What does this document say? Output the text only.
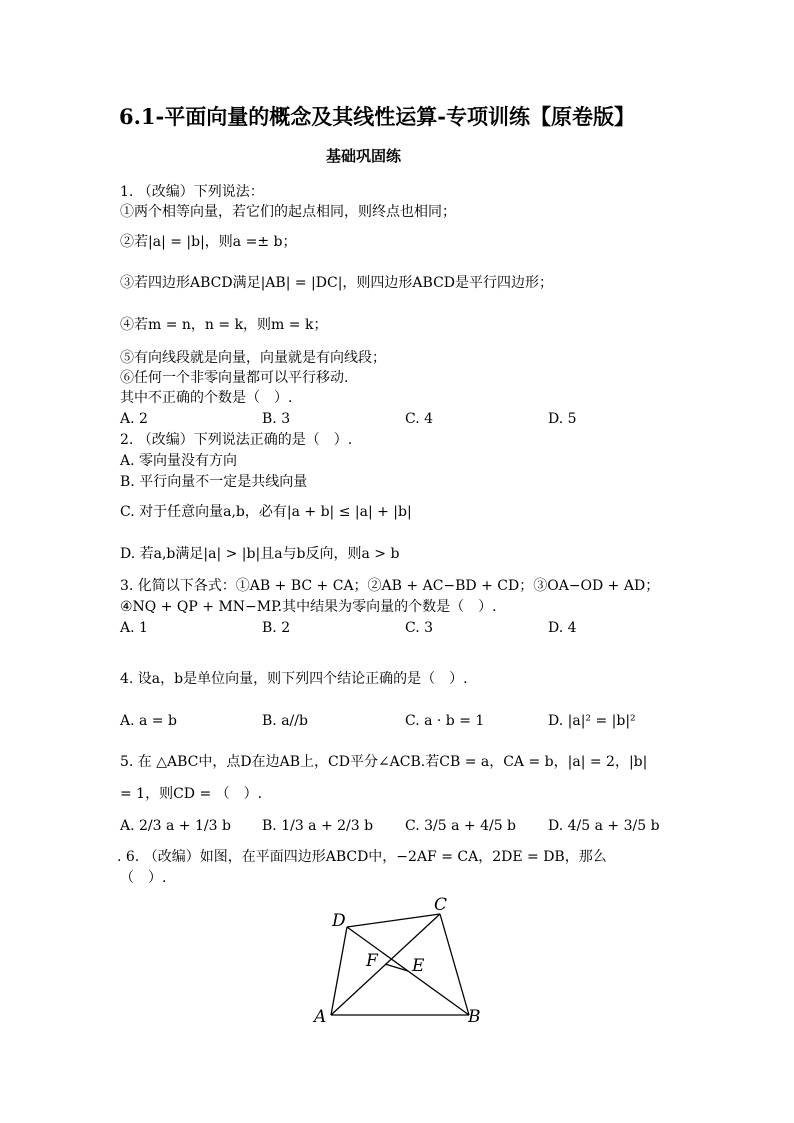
6.1-平面向量的概念及其线性运算-专项训练【原卷版】
基础巩固练
1. （改编）下列说法：
①两个相等向量，若它们的起点相同，则终点也相同；
②若|a| = |b|，则a =± b；
③若四边形ABCD满足|AB| = |DC|，则四边形ABCD是平行四边形；
④若m = n，n = k，则m = k；
⑤有向线段就是向量，向量就是有向线段；
⑥任何一个非零向量都可以平行移动.
其中不正确的个数是（　）.
A. 2	B. 3	C. 4	D. 5
2. （改编）下列说法正确的是（　）.
A. 零向量没有方向
B. 平行向量不一定是共线向量
C. 对于任意向量a,b，必有|a + b| ≤ |a| + |b|
D. 若a,b满足|a| > |b|且a与b反向，则a > b
3. 化简以下各式：①AB + BC + CA；②AB + AC−BD + CD；③OA−OD + AD；
④NQ + QP + MN−MP.其中结果为零向量的个数是（　）.
A. 1	B. 2	C. 3	D. 4
4. 设a，b是单位向量，则下列四个结论正确的是（　）.
A. a = b	B. a//b	C. a · b = 1	D. |a|² = |b|²
5. 在 △ABC中，点D在边AB上，CD平分∠ACB.若CB = a，CA = b，|a| = 2，|b|
= 1，则CD = （　）.
A. 2/3 a + 1/3 b B. 1/3 a + 2/3 b C. 3/5 a + 4/5 b D. 4/5 a + 3/5 b
. 6. （改编）如图，在平面四边形ABCD中，−2AF = CA，2DE = DB，那么
（　）.
D
C
F E
A	B
